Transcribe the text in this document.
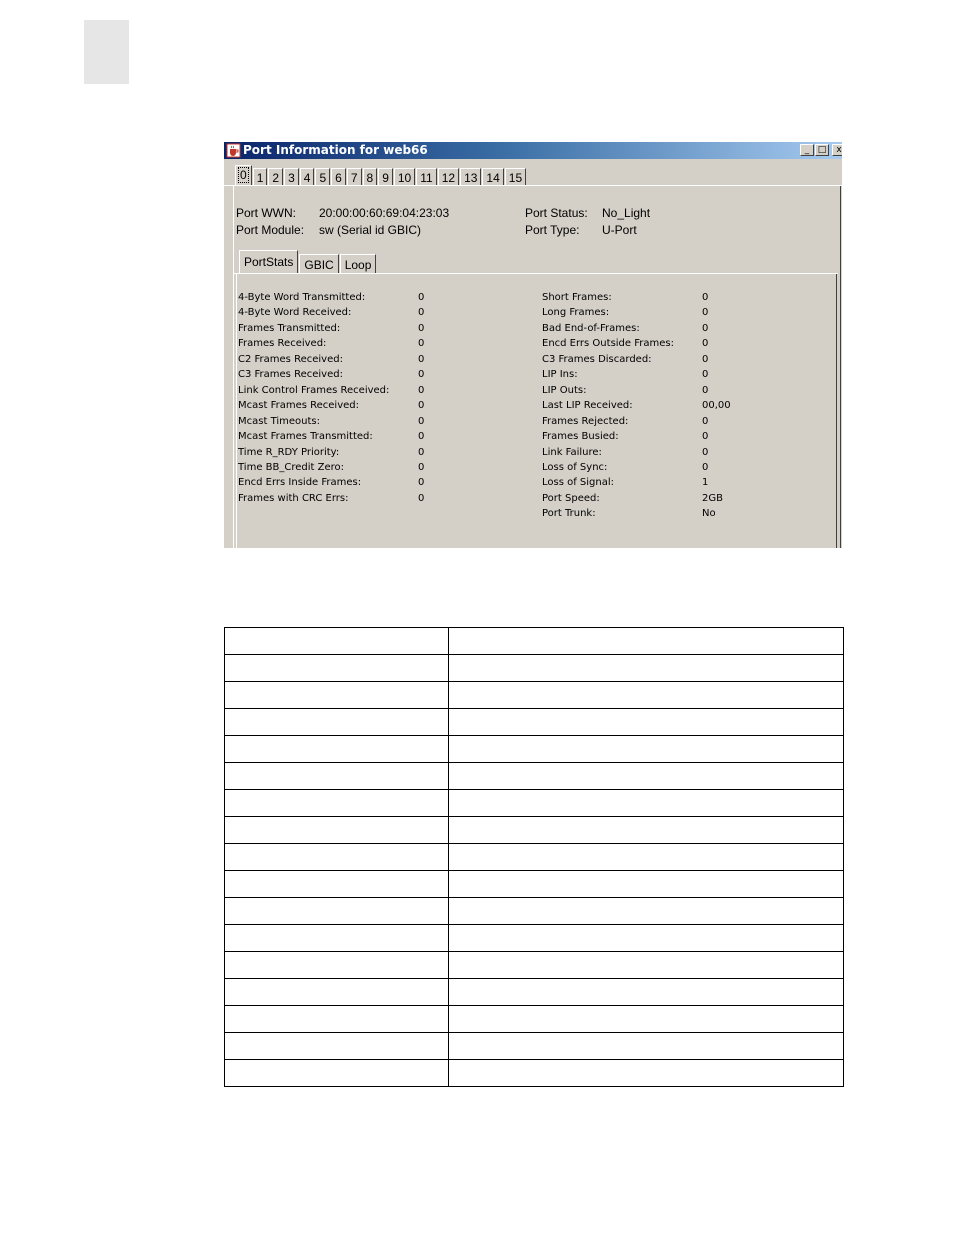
Port Information for web66	_ □	x
0 1 2 3 4 5 6 7 8 9 10 11 12 13 14 15
Port WWN: 20:00:00:60:69:04:23:03
Port Module: sw (Serial id GBIC)
Port Status: No_Light
Port Type: U-Port
PortStats GBIC Loop
4-Byte Word Transmitted:	0
4-Byte Word Received:	0
Frames Transmitted:	0
Frames Received:	0
C2 Frames Received:	0
C3 Frames Received:	0
Link Control Frames Received:	0
Mcast Frames Received:	0
Mcast Timeouts:	0
Mcast Frames Transmitted:	0
Time R_RDY Priority:	0
Time BB_Credit Zero:	0
Encd Errs Inside Frames:	0
Frames with CRC Errs:	0
Short Frames:	0
Long Frames:	0
Bad End-of-Frames:	0
Encd Errs Outside Frames:	0
C3 Frames Discarded:	0
LIP Ins:	0
LIP Outs:	0
Last LIP Received:	00,00
Frames Rejected:	0
Frames Busied:	0
Link Failure:	0
Loss of Sync:	0
Loss of Signal:	1
Port Speed:	2GB
Port Trunk:	No
